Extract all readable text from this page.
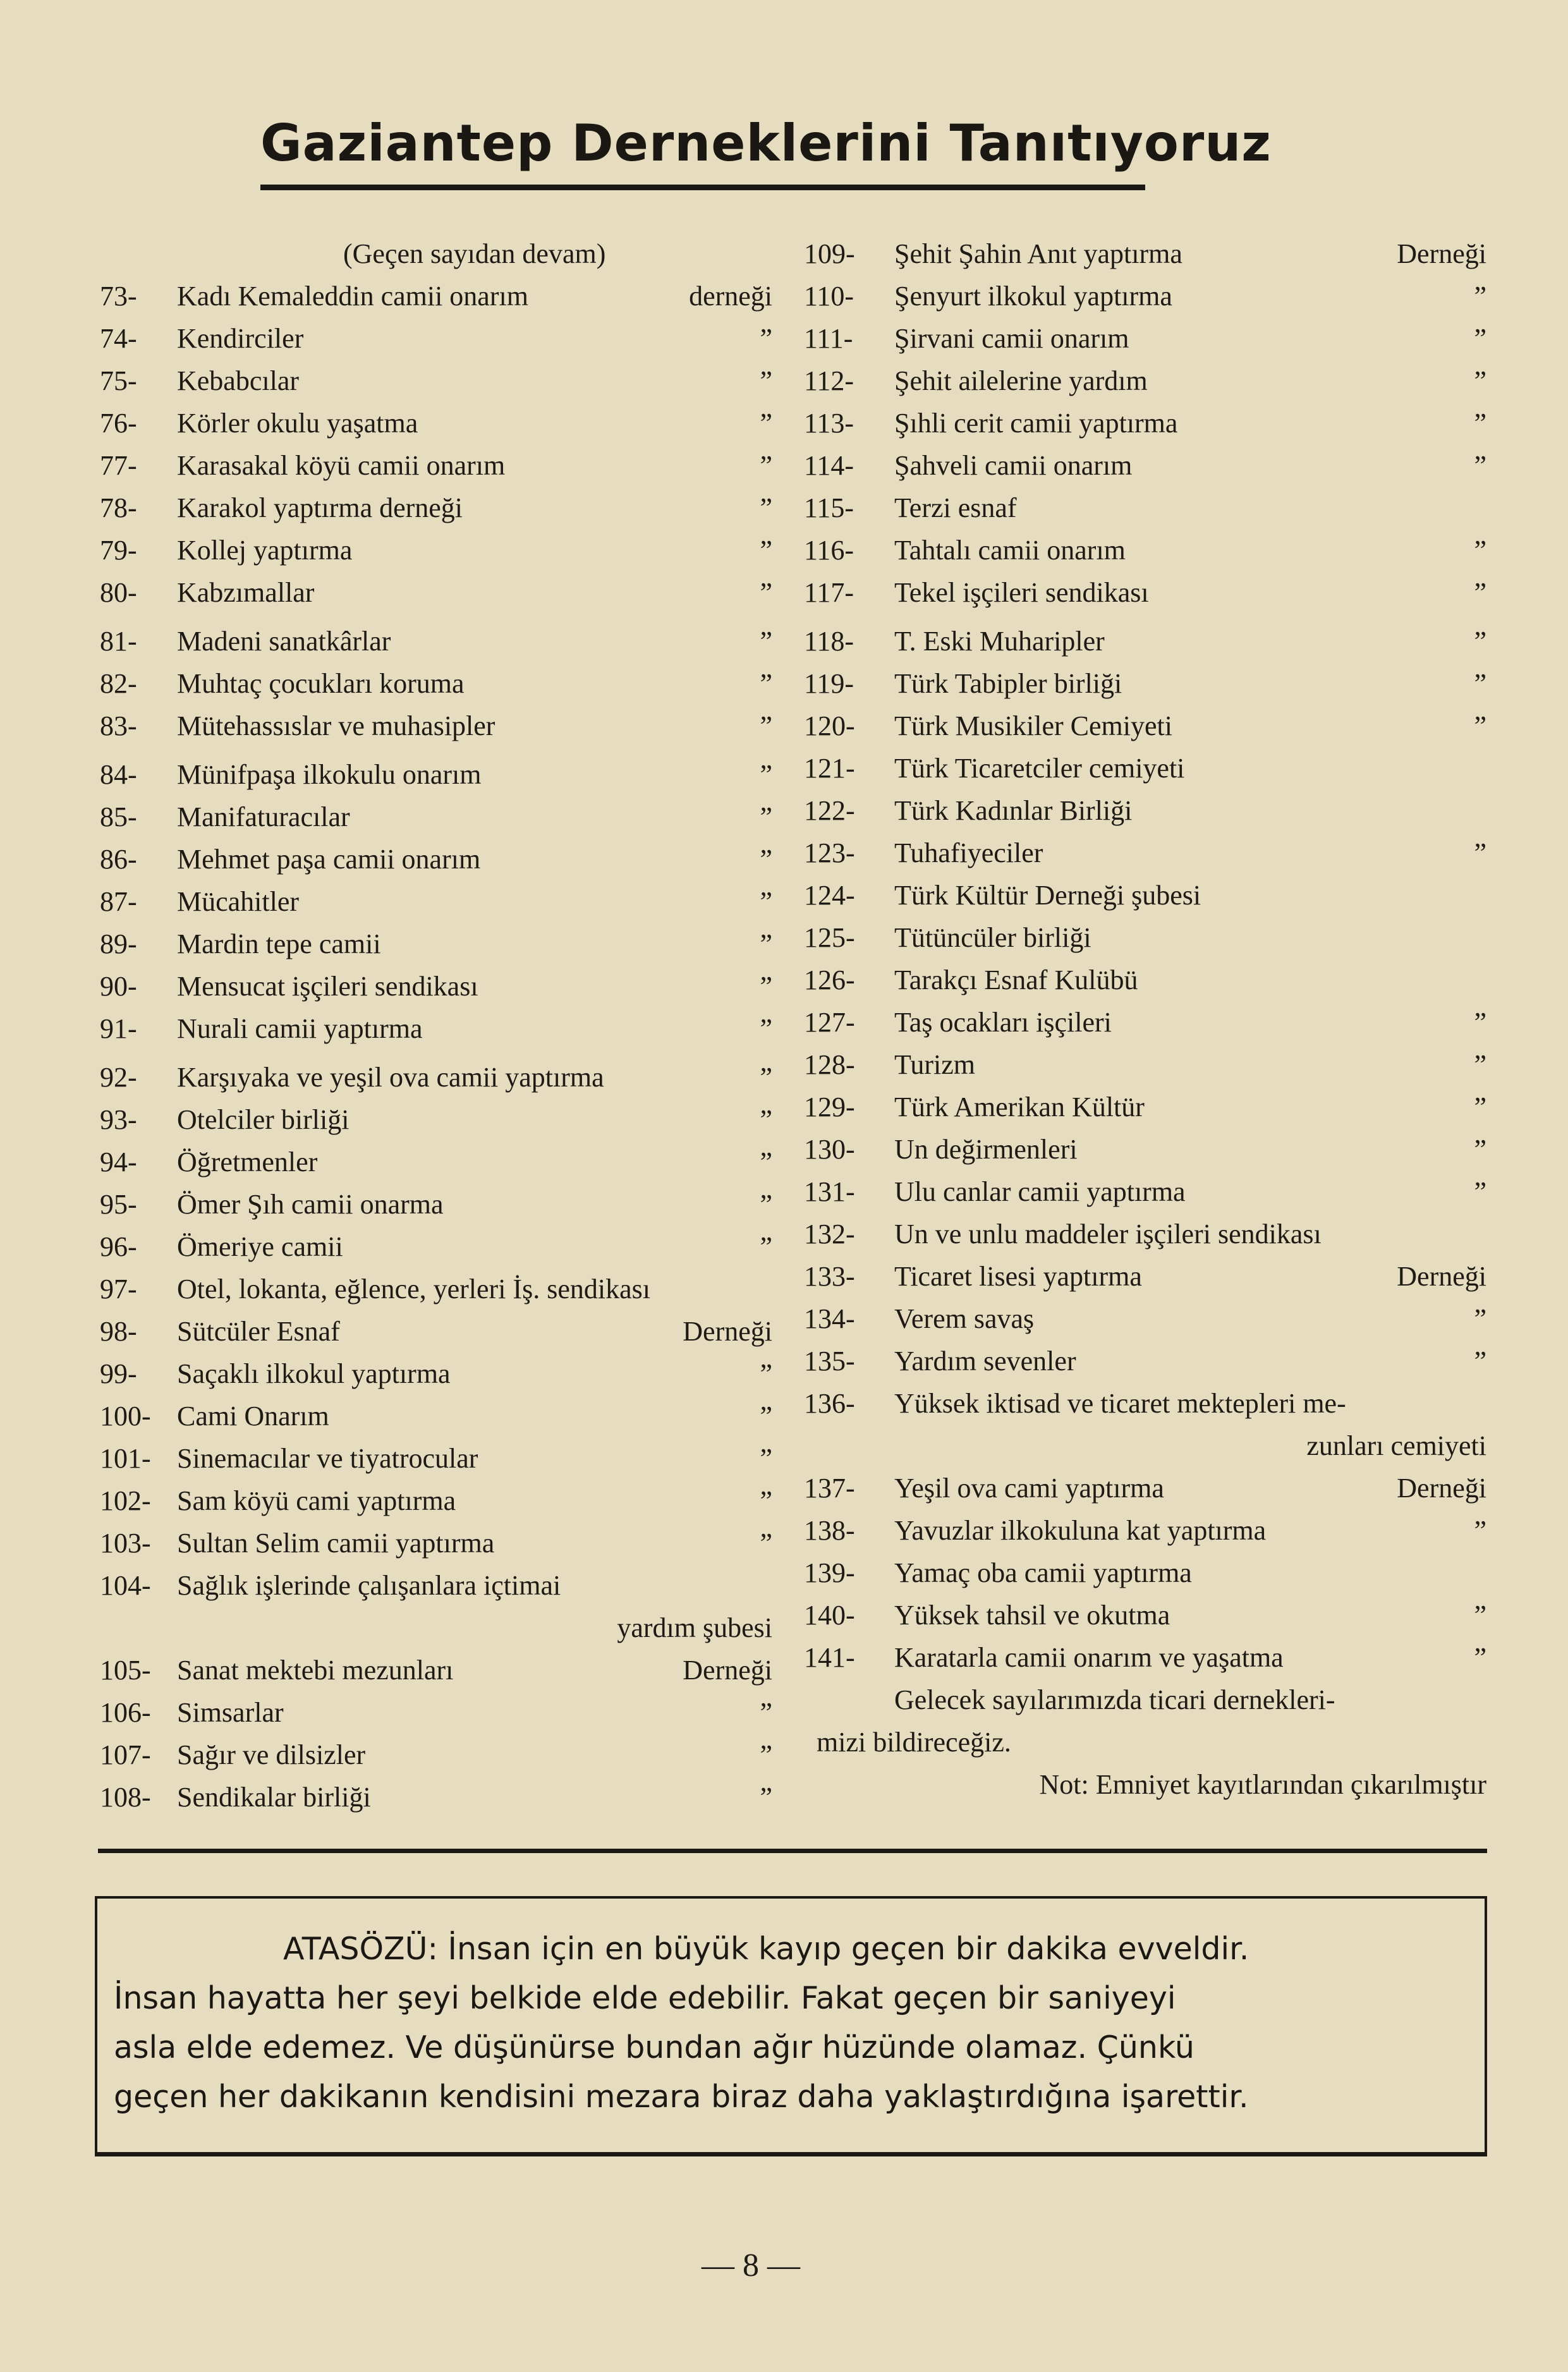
Gaziantep Derneklerini Tanıtıyoruz
(Geçen sayıdan devam)
73- Kadı Kemaleddin camii onarım	derneği
74- Kendirciler	”
75- Kebabcılar	”
76- Körler okulu yaşatma	”
77- Karasakal köyü camii onarım	”
78- Karakol yaptırma derneği	”
79- Kollej yaptırma	”
80- Kabzımallar	”
81- Madeni sanatkârlar	”
82- Muhtaç çocukları koruma	”
83- Mütehassıslar ve muhasipler	”
84- Münifpaşa ilkokulu onarım	”
85- Manifaturacılar	”
86- Mehmet paşa camii onarım	”
87- Mücahitler	”
89- Mardin tepe camii	”
90- Mensucat işçileri sendikası	”
91- Nurali camii yaptırma	”
92- Karşıyaka ve yeşil ova camii yaptırma	”
93- Otelciler birliği	”
94- Öğretmenler	”
95- Ömer Şıh camii onarma	”
96- Ömeriye camii	”
97- Otel, lokanta, eğlence, yerleri İş. sendikası
98- Sütcüler Esnaf	Derneği
99- Saçaklı ilkokul yaptırma	”
100- Cami Onarım	”
101- Sinemacılar ve tiyatrocular	”
102- Sam köyü cami yaptırma	”
103- Sultan Selim camii yaptırma	”
104- Sağlık işlerinde çalışanlara içtimai
yardım şubesi
105- Sanat mektebi mezunları	Derneği
106- Simsarlar	”
107- Sağır ve dilsizler	”
108- Sendikalar birliği	”
109- Şehit Şahin Anıt yaptırma	Derneği
110- Şenyurt ilkokul yaptırma	”
111- Şirvani camii onarım	”
112- Şehit ailelerine yardım	”
113- Şıhli cerit camii yaptırma	”
114- Şahveli camii onarım	”
115- Terzi esnaf
116- Tahtalı camii onarım	”
117- Tekel işçileri sendikası	”
118- T. Eski Muharipler	”
119- Türk Tabipler birliği	”
120- Türk Musikiler Cemiyeti	”
121- Türk Ticaretciler cemiyeti
122- Türk Kadınlar Birliği
123- Tuhafiyeciler	”
124- Türk Kültür Derneği şubesi
125- Tütüncüler birliği
126- Tarakçı Esnaf Kulübü
127- Taş ocakları işçileri	”
128- Turizm	”
129- Türk Amerikan Kültür	”
130- Un değirmenleri	”
131- Ulu canlar camii yaptırma	”
132- Un ve unlu maddeler işçileri sendikası
133- Ticaret lisesi yaptırma	Derneği
134- Verem savaş	”
135- Yardım sevenler	”
136- Yüksek iktisad ve ticaret mektepleri me-
zunları cemiyeti
137- Yeşil ova cami yaptırma	Derneği
138- Yavuzlar ilkokuluna kat yaptırma	”
139- Yamaç oba camii yaptırma
140- Yüksek tahsil ve okutma	”
141- Karatarla camii onarım ve yaşatma	”
Gelecek sayılarımızda ticari dernekleri-
mizi bildireceğiz.
Not: Emniyet kayıtlarından çıkarılmıştır
ATASÖZÜ: İnsan için en büyük kayıp geçen bir dakika evveldir.
İnsan hayatta her şeyi belkide elde edebilir. Fakat geçen bir saniyeyi
asla elde edemez. Ve düşünürse bundan ağır hüzünde olamaz. Çünkü
geçen her dakikanın kendisini mezara biraz daha yaklaştırdığına işarettir.
— 8 —
